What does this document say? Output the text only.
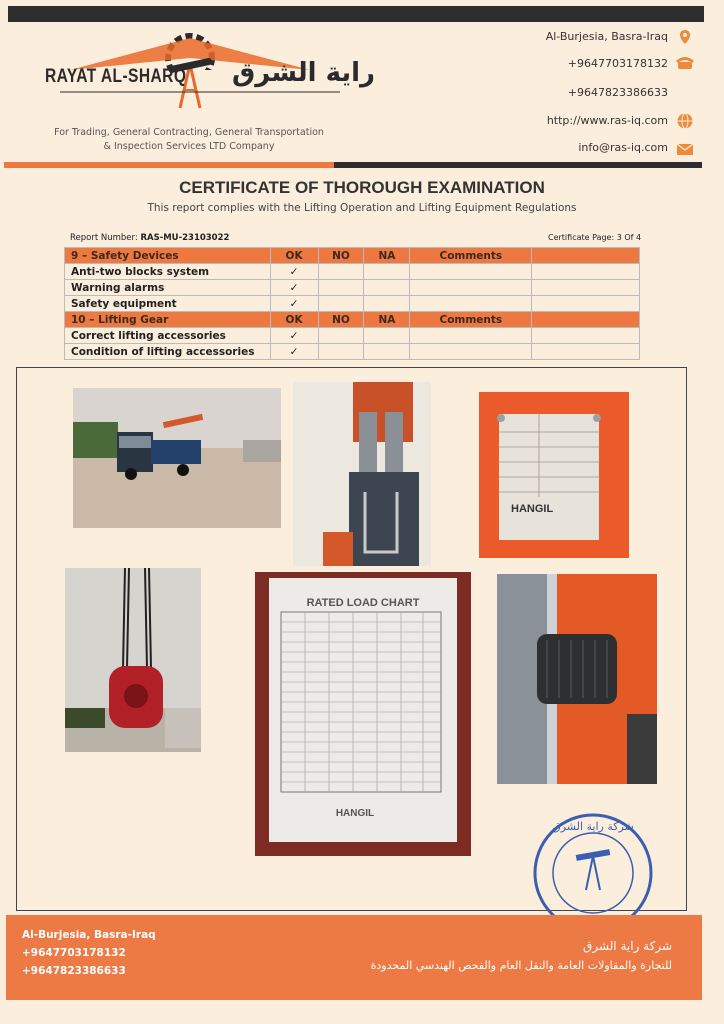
RAYAT AL-SHARQ راية الشرق
For Trading, General Contracting, General Transportation
& Inspection Services LTD Company
Al-Burjesia, Basra-Iraq
+9647703178132
+9647823386633
http://www.ras-iq.com
info@ras-iq.com
CERTIFICATE OF THOROUGH EXAMINATION
This report complies with the Lifting Operation and Lifting Equipment Regulations
Report Number: RAS-MU-23103022	Certificate Page: 3 Of 4
9 – Safety Devices	OK	NO	NA	Comments	
Anti-two blocks system	✓				
Warning alarms	✓				
Safety equipment	✓				
10 – Lifting Gear	OK	NO	NA	Comments	
Correct lifting accessories	✓				
Condition of lifting accessories	✓				
HANGIL
RATED LOAD CHART
HANGIL
شركة راية الشرق
Al-Burjesia, Basra-Iraq
+9647703178132
+9647823386633
شركة راية الشرق
للتجارة والمقاولات العامة والنقل العام والفحص الهندسي المحدودة
